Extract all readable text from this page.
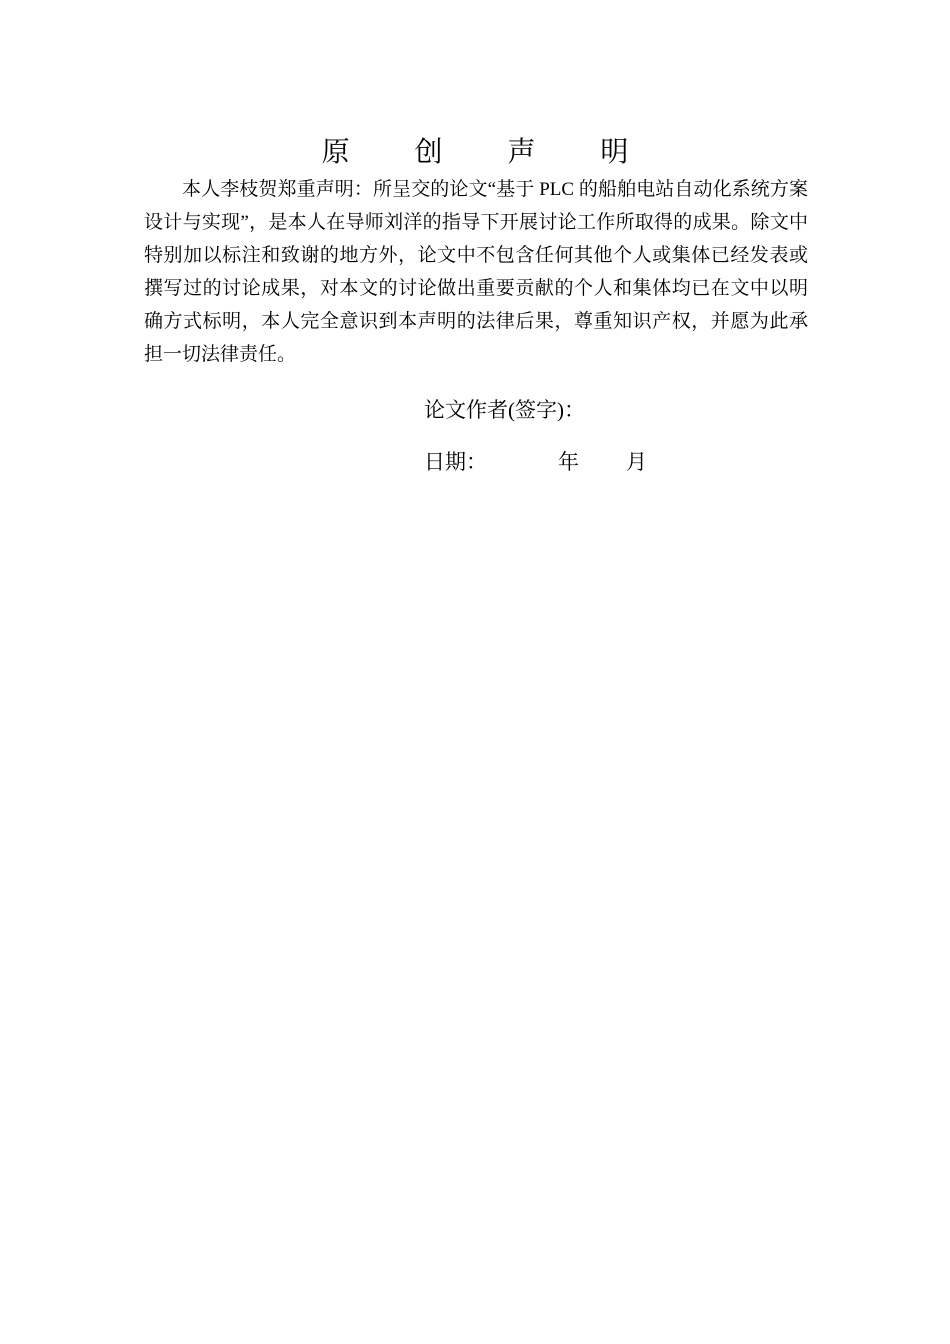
原 创 声 明

本人李枝贺郑重声明：所呈交的论文“基于 PLC 的船舶电站自动化系统方案设计与实现”，是本人在导师刘洋的指导下开展讨论工作所取得的成果。除文中特别加以标注和致谢的地方外，论文中不包含任何其他个人或集体已经发表或撰写过的讨论成果，对本文的讨论做出重要贡献的个人和集体均已在文中以明确方式标明，本人完全意识到本声明的法律后果，尊重知识产权，并愿为此承担一切法律责任。

论文作者(签字)：
日期：	年 月
